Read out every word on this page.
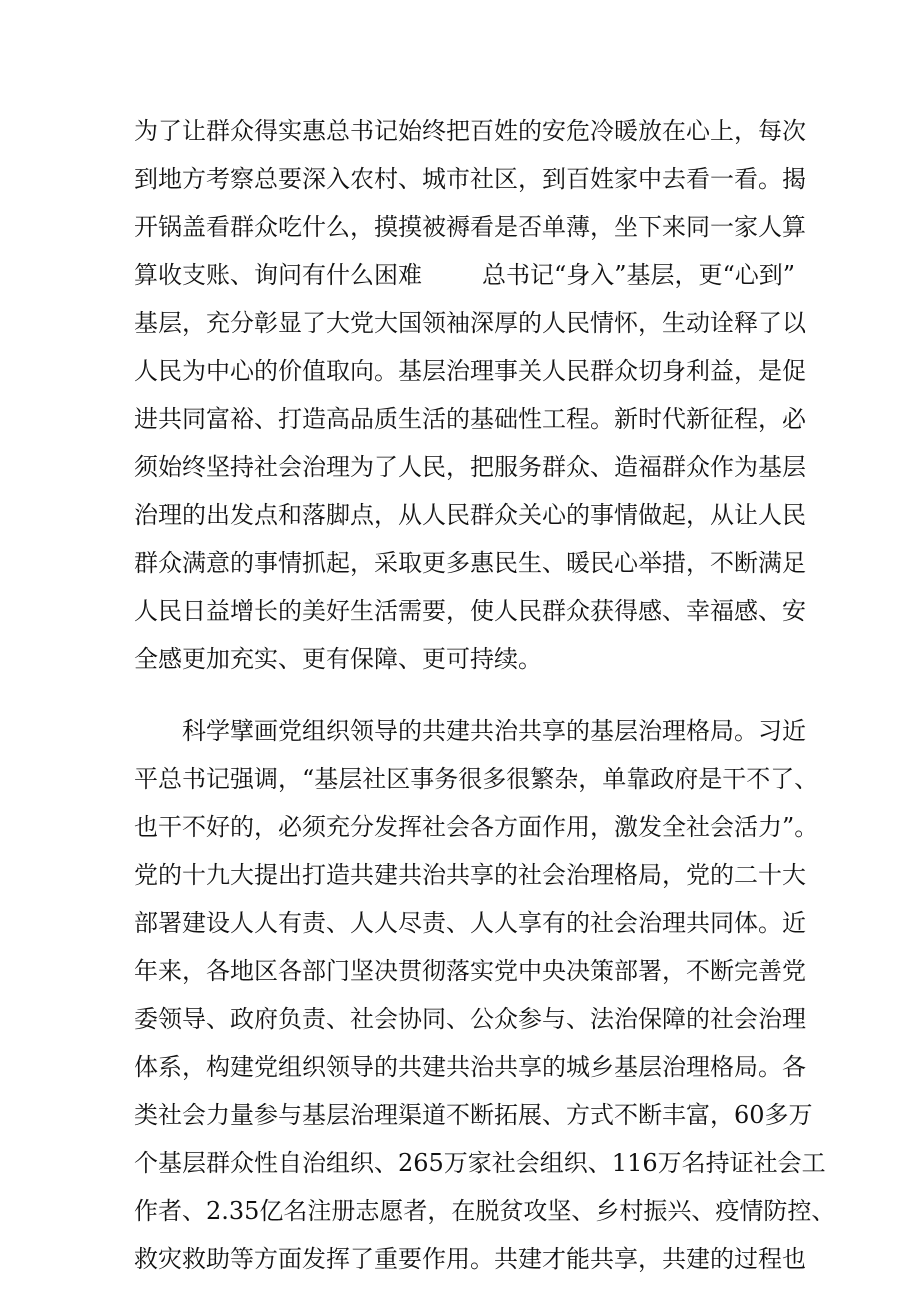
为了让群众得实惠总书记始终把百姓的安危冷暖放在心上，每次
到地方考察总要深入农村、城市社区，到百姓家中去看一看。揭
开锅盖看群众吃什么，摸摸被褥看是否单薄，坐下来同一家人算
算收支账、询问有什么困难	总书记“身入”基层，更“心到”
基层，充分彰显了大党大国领袖深厚的人民情怀，生动诠释了以
人民为中心的价值取向。基层治理事关人民群众切身利益，是促
进共同富裕、打造高品质生活的基础性工程。新时代新征程，必
须始终坚持社会治理为了人民，把服务群众、造福群众作为基层
治理的出发点和落脚点，从人民群众关心的事情做起，从让人民
群众满意的事情抓起，采取更多惠民生、暖民心举措，不断满足
人民日益增长的美好生活需要，使人民群众获得感、幸福感、安
全感更加充实、更有保障、更可持续。
科学擘画党组织领导的共建共治共享的基层治理格局。习近
平总书记强调，“基层社区事务很多很繁杂，单靠政府是干不了、
也干不好的，必须充分发挥社会各方面作用，激发全社会活力”。
党的十九大提出打造共建共治共享的社会治理格局，党的二十大
部署建设人人有责、人人尽责、人人享有的社会治理共同体。近
年来，各地区各部门坚决贯彻落实党中央决策部署，不断完善党
委领导、政府负责、社会协同、公众参与、法治保障的社会治理
体系，构建党组织领导的共建共治共享的城乡基层治理格局。各
类社会力量参与基层治理渠道不断拓展、方式不断丰富，60多万
个基层群众性自治组织、265万家社会组织、116万名持证社会工
作者、2.35亿名注册志愿者，在脱贫攻坚、乡村振兴、疫情防控、
救灾救助等方面发挥了重要作用。共建才能共享，共建的过程也
